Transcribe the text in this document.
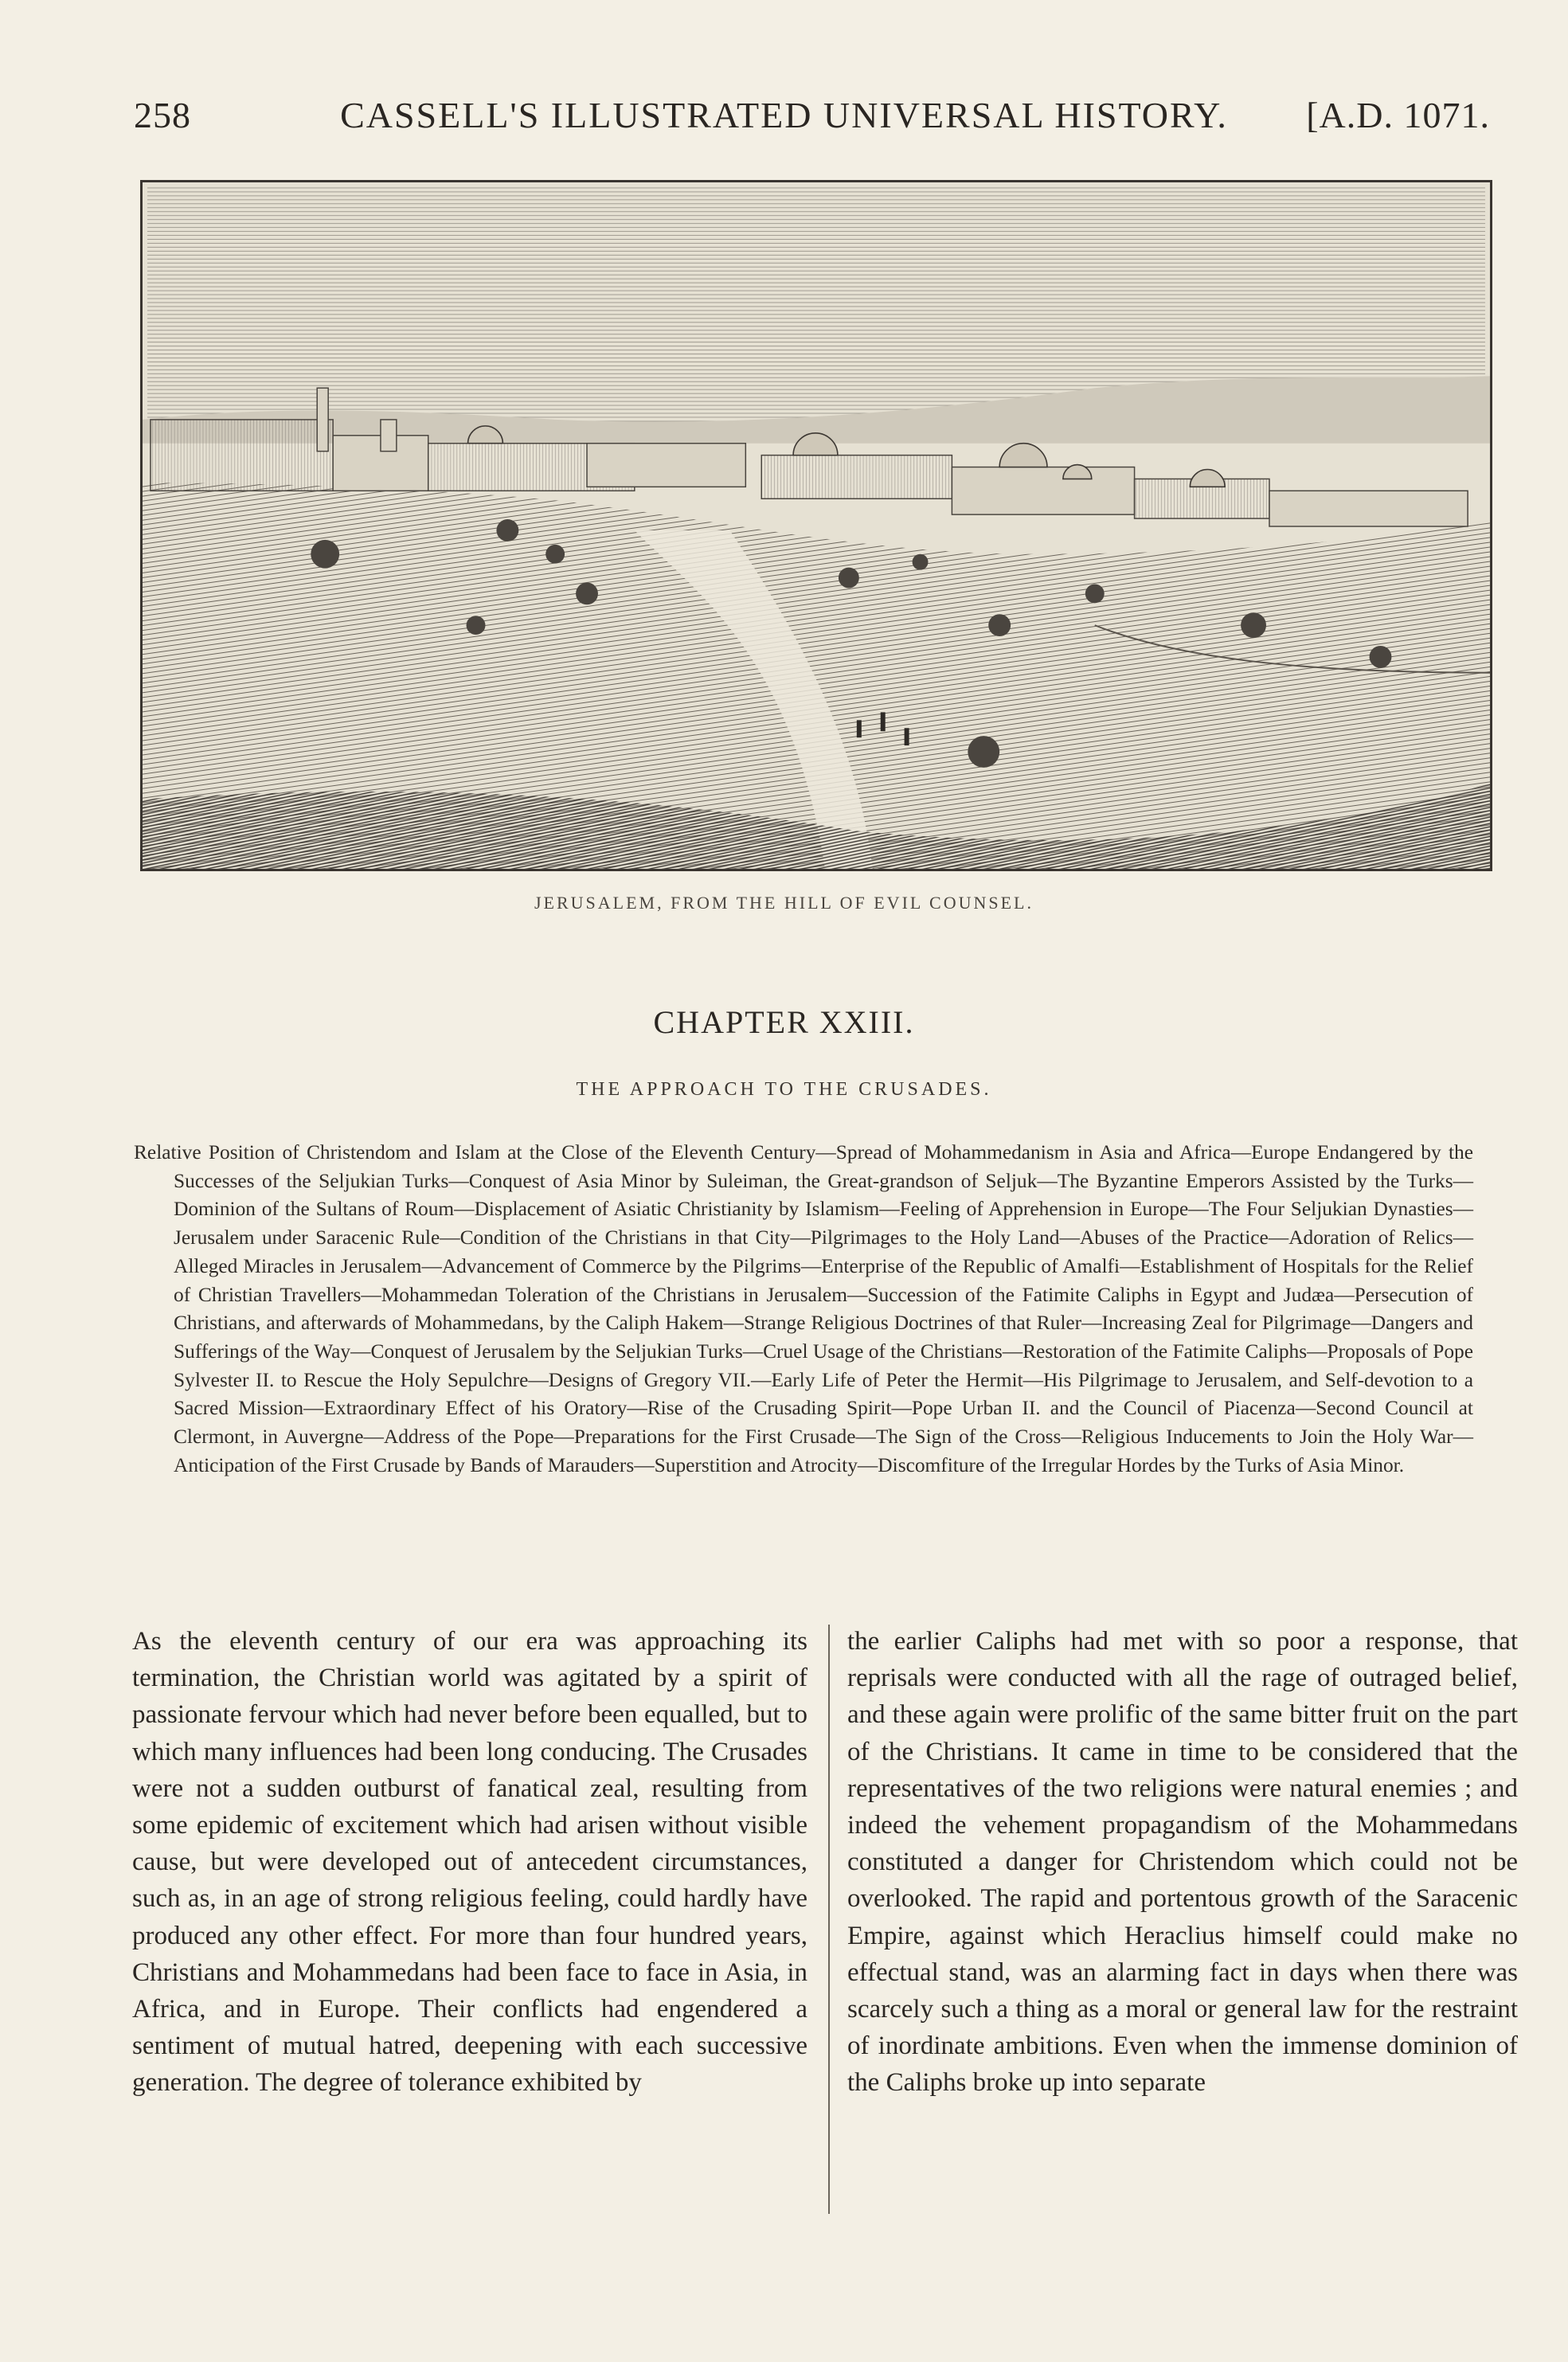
CASSELL'S ILLUSTRATED UNIVERSAL HISTORY.
258	[A.D. 1071.
JERUSALEM, FROM THE HILL OF EVIL COUNSEL.
CHAPTER XXIII.
THE APPROACH TO THE CRUSADES.
Relative Position of Christendom and Islam at the Close of the Eleventh Century—Spread of Mohammedanism in Asia and Africa—Europe Endangered by the Successes of the Seljukian Turks—Conquest of Asia Minor by Suleiman, the Great-grandson of Seljuk—The Byzantine Emperors Assisted by the Turks—Dominion of the Sultans of Roum—Displacement of Asiatic Christianity by Islamism—Feeling of Apprehension in Europe—The Four Seljukian Dynasties—Jerusalem under Saracenic Rule—Condition of the Christians in that City—Pilgrimages to the Holy Land—Abuses of the Practice—Adoration of Relics—Alleged Miracles in Jerusalem—Advancement of Commerce by the Pilgrims—Enterprise of the Republic of Amalfi—Establishment of Hospitals for the Relief of Christian Travellers—Mohammedan Toleration of the Christians in Jerusalem—Succession of the Fatimite Caliphs in Egypt and Judæa—Persecution of Christians, and afterwards of Mohammedans, by the Caliph Hakem—Strange Religious Doctrines of that Ruler—Increasing Zeal for Pilgrimage—Dangers and Sufferings of the Way—Conquest of Jerusalem by the Seljukian Turks—Cruel Usage of the Christians—Restoration of the Fatimite Caliphs—Proposals of Pope Sylvester II. to Rescue the Holy Sepulchre—Designs of Gregory VII.—Early Life of Peter the Hermit—His Pilgrimage to Jerusalem, and Self-devotion to a Sacred Mission—Extraordinary Effect of his Oratory—Rise of the Crusading Spirit—Pope Urban II. and the Council of Piacenza—Second Council at Clermont, in Auvergne—Address of the Pope—Preparations for the First Crusade—The Sign of the Cross—Religious Inducements to Join the Holy War—Anticipation of the First Crusade by Bands of Marauders—Superstition and Atrocity—Discomfiture of the Irregular Hordes by the Turks of Asia Minor.
As the eleventh century of our era was approaching its termination, the Christian world was agitated by a spirit of passionate fervour which had never before been equalled, but to which many influences had been long conducing. The Crusades were not a sudden outburst of fanatical zeal, resulting from some epidemic of excitement which had arisen without visible cause, but were developed out of antecedent circumstances, such as, in an age of strong religious feeling, could hardly have produced any other effect. For more than four hundred years, Christians and Mohammedans had been face to face in Asia, in Africa, and in Europe. Their conflicts had engendered a sentiment of mutual hatred, deepening with each successive generation. The degree of tolerance exhibited by
the earlier Caliphs had met with so poor a response, that reprisals were conducted with all the rage of outraged belief, and these again were prolific of the same bitter fruit on the part of the Christians. It came in time to be considered that the representatives of the two religions were natural enemies ; and indeed the vehement propagandism of the Mohammedans constituted a danger for Christendom which could not be overlooked. The rapid and portentous growth of the Saracenic Empire, against which Heraclius himself could make no effectual stand, was an alarming fact in days when there was scarcely such a thing as a moral or general law for the restraint of inordinate ambitions. Even when the immense dominion of the Caliphs broke up into separate
